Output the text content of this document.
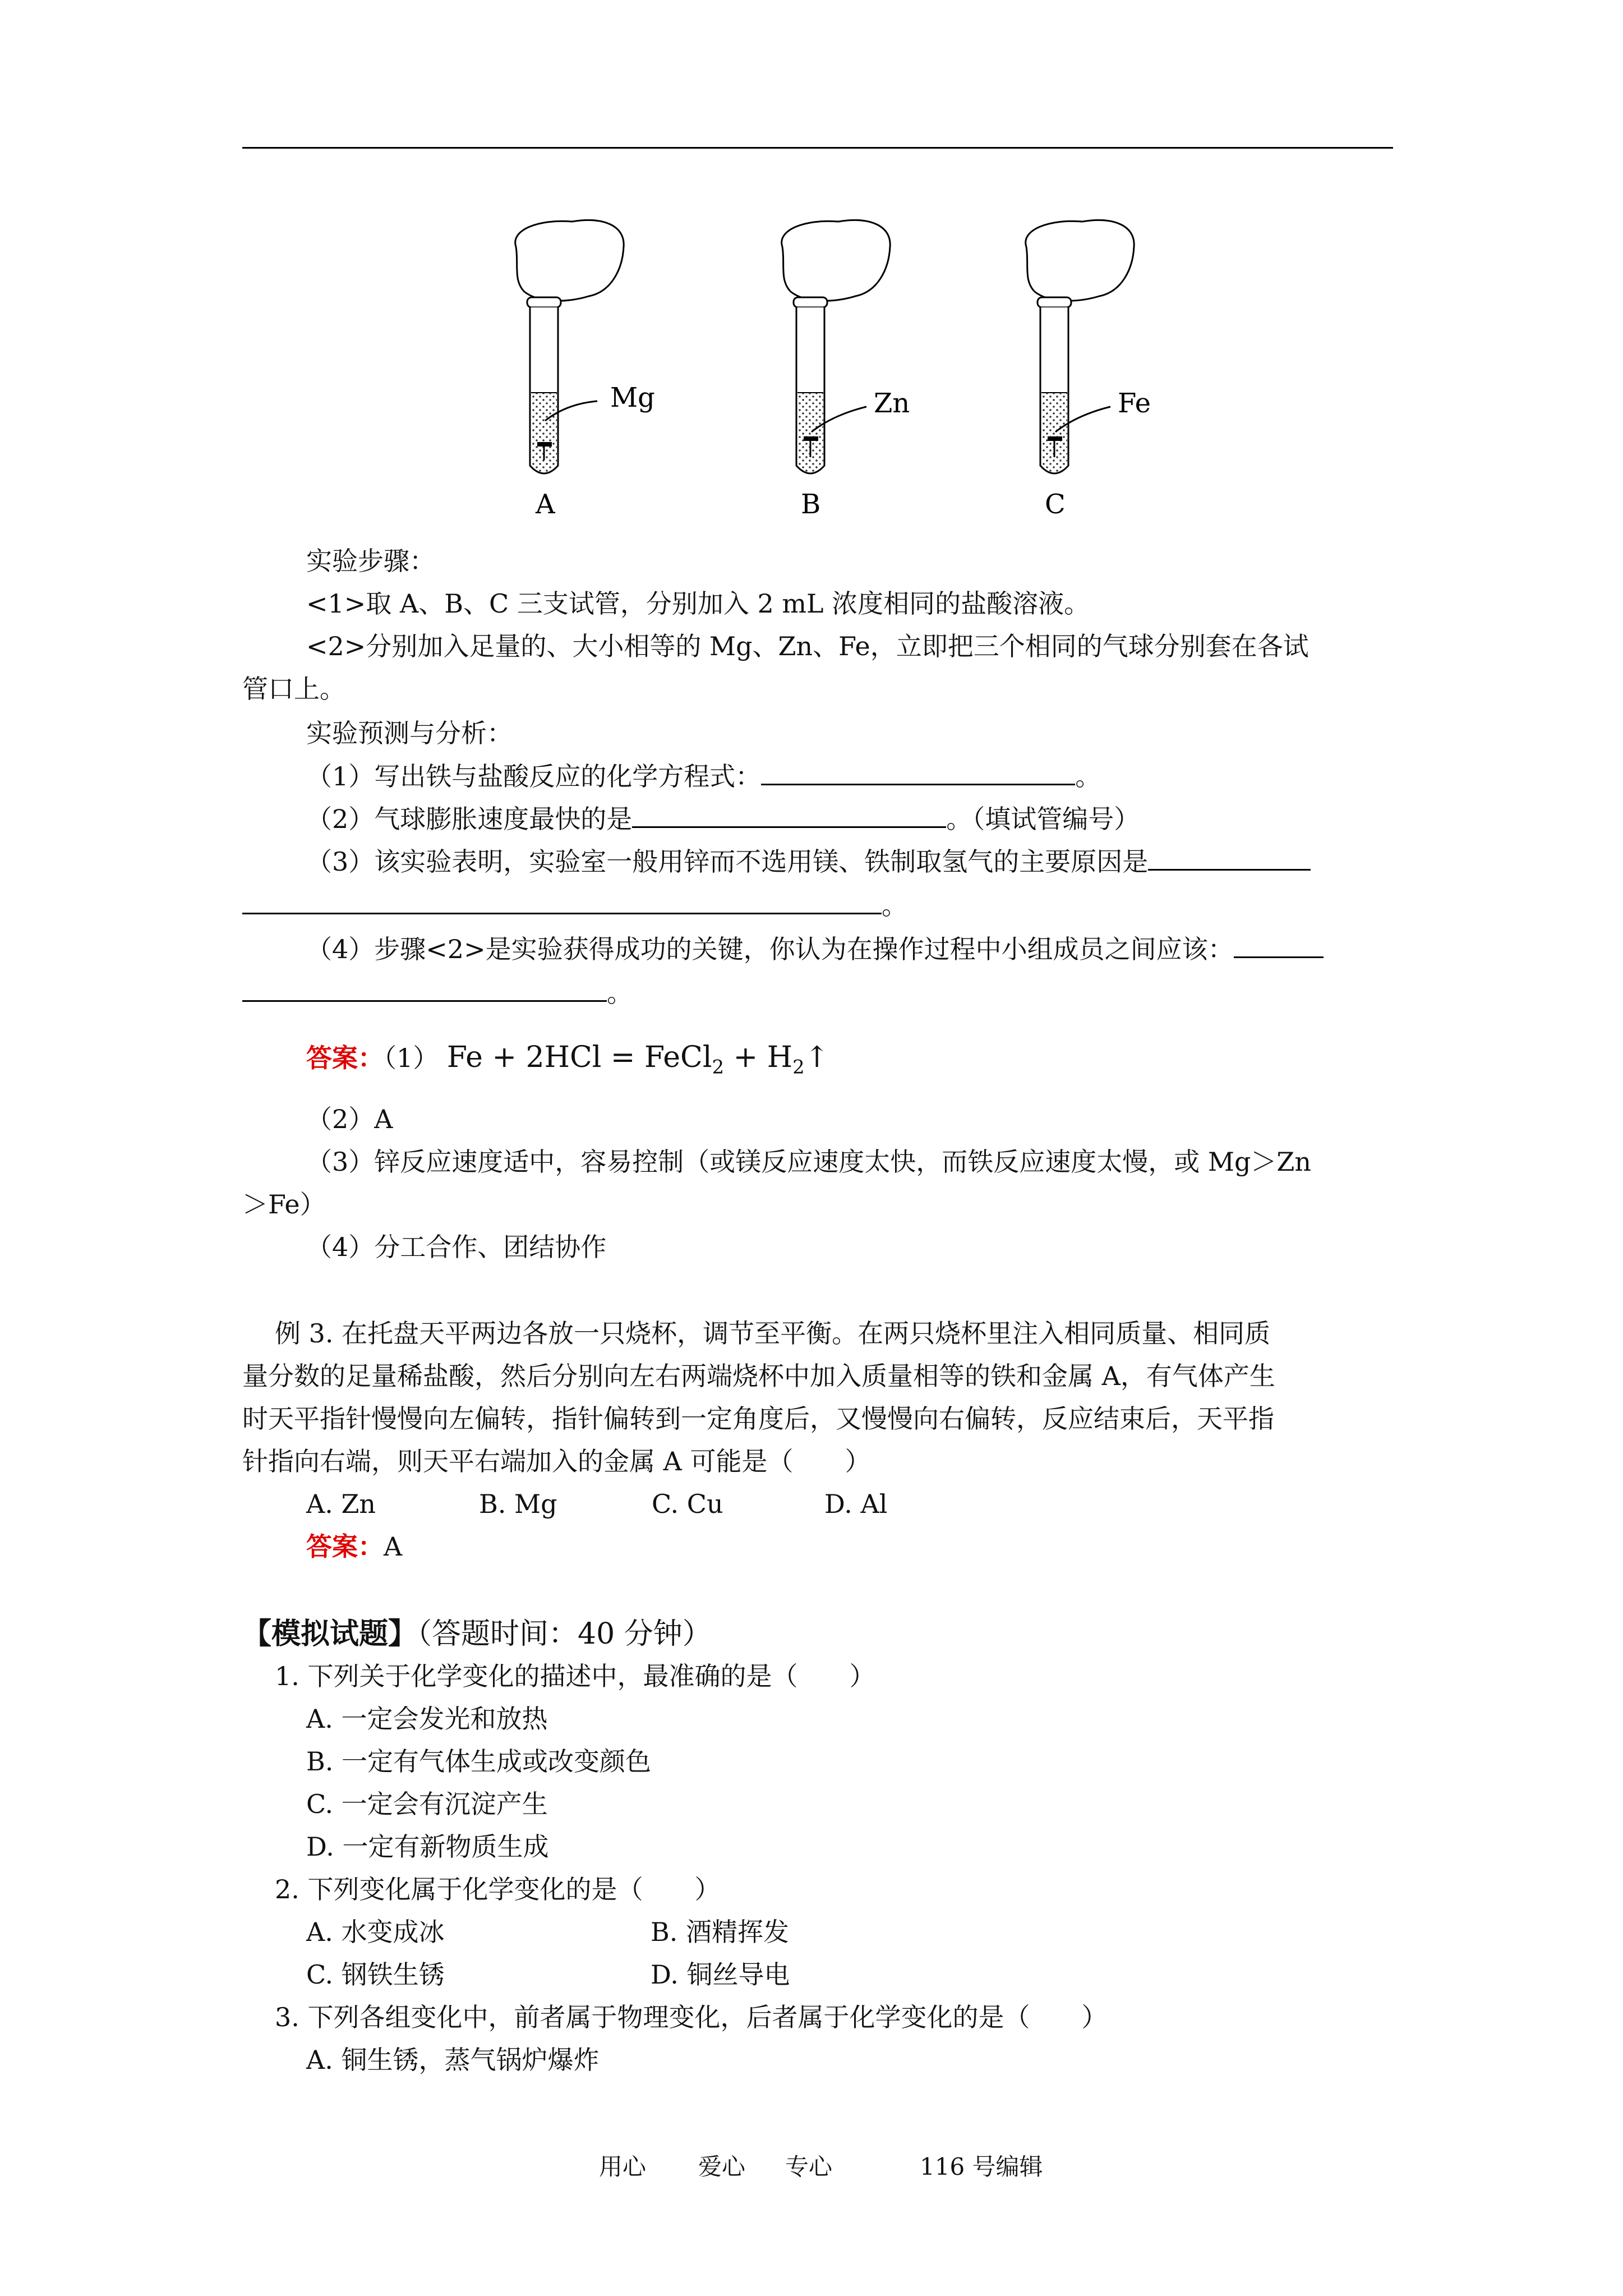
Mg	Zn	Fe
A	B	C
实验步骤：
<1>取 A、B、C 三支试管，分别加入 2 mL 浓度相同的盐酸溶液。
<2>分别加入足量的、大小相等的 Mg、Zn、Fe，立即把三个相同的气球分别套在各试
管口上。
实验预测与分析：
（1）写出铁与盐酸反应的化学方程式：	。
（2）气球膨胀速度最快的是	。（填试管编号）
（3）该实验表明，实验室一般用锌而不选用镁、铁制取氢气的主要原因是
。
（4）步骤<2>是实验获得成功的关键，你认为在操作过程中小组成员之间应该：
。
答案：（1） Fe + 2HCl = FeCl$_2$ + $H_2↑$
（2）A
（3）锌反应速度适中，容易控制（或镁反应速度太快，而铁反应速度太慢，或 Mg＞Zn
＞Fe）
（4）分工合作、团结协作
例 3. 在托盘天平两边各放一只烧杯，调节至平衡。在两只烧杯里注入相同质量、相同质
量分数的足量稀盐酸，然后分别向左右两端烧杯中加入质量相等的铁和金属 A，有气体产生
时天平指针慢慢向左偏转，指针偏转到一定角度后，又慢慢向右偏转，反应结束后，天平指
针指向右端，则天平右端加入的金属 A 可能是（　　）
A. Zn	B. Mg	C. Cu	D. Al
答案：A
【模拟试题】（答题时间：40 分钟）
1. 下列关于化学变化的描述中，最准确的是（　　）
A. 一定会发光和放热
B. 一定有气体生成或改变颜色
C. 一定会有沉淀产生
D. 一定有新物质生成
2. 下列变化属于化学变化的是（　　）
A. 水变成冰	B. 酒精挥发
C. 钢铁生锈	D. 铜丝导电
3. 下列各组变化中，前者属于物理变化，后者属于化学变化的是（　　）
A. 铜生锈，蒸气锅炉爆炸
用心 爱心 专心	116 号编辑
